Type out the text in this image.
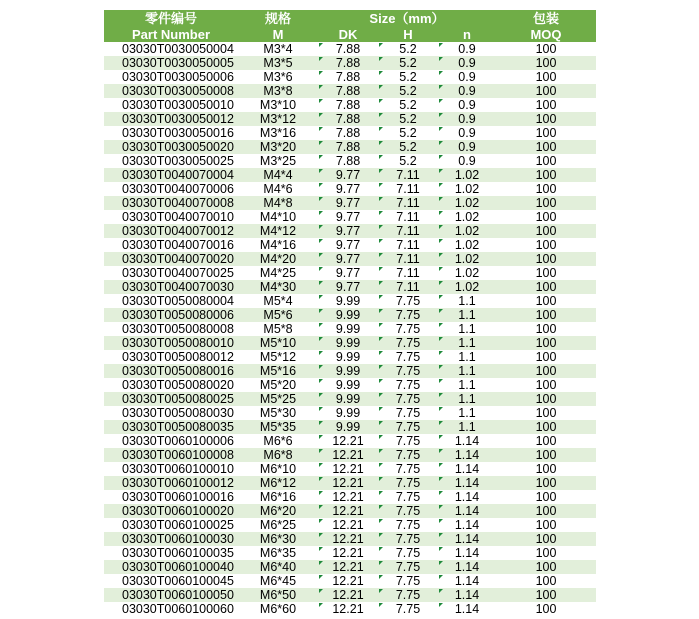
零件编号	规格	Size（mm）			包装
Part Number	M	DK	H	n	MOQ
03030T0030050004	M3*4	7.88	5.2	0.9	100
03030T0030050005	M3*5	7.88	5.2	0.9	100
03030T0030050006	M3*6	7.88	5.2	0.9	100
03030T0030050008	M3*8	7.88	5.2	0.9	100
03030T0030050010	M3*10	7.88	5.2	0.9	100
03030T0030050012	M3*12	7.88	5.2	0.9	100
03030T0030050016	M3*16	7.88	5.2	0.9	100
03030T0030050020	M3*20	7.88	5.2	0.9	100
03030T0030050025	M3*25	7.88	5.2	0.9	100
03030T0040070004	M4*4	9.77	7.11	1.02	100
03030T0040070006	M4*6	9.77	7.11	1.02	100
03030T0040070008	M4*8	9.77	7.11	1.02	100
03030T0040070010	M4*10	9.77	7.11	1.02	100
03030T0040070012	M4*12	9.77	7.11	1.02	100
03030T0040070016	M4*16	9.77	7.11	1.02	100
03030T0040070020	M4*20	9.77	7.11	1.02	100
03030T0040070025	M4*25	9.77	7.11	1.02	100
03030T0040070030	M4*30	9.77	7.11	1.02	100
03030T0050080004	M5*4	9.99	7.75	1.1	100
03030T0050080006	M5*6	9.99	7.75	1.1	100
03030T0050080008	M5*8	9.99	7.75	1.1	100
03030T0050080010	M5*10	9.99	7.75	1.1	100
03030T0050080012	M5*12	9.99	7.75	1.1	100
03030T0050080016	M5*16	9.99	7.75	1.1	100
03030T0050080020	M5*20	9.99	7.75	1.1	100
03030T0050080025	M5*25	9.99	7.75	1.1	100
03030T0050080030	M5*30	9.99	7.75	1.1	100
03030T0050080035	M5*35	9.99	7.75	1.1	100
03030T0060100006	M6*6	12.21	7.75	1.14	100
03030T0060100008	M6*8	12.21	7.75	1.14	100
03030T0060100010	M6*10	12.21	7.75	1.14	100
03030T0060100012	M6*12	12.21	7.75	1.14	100
03030T0060100016	M6*16	12.21	7.75	1.14	100
03030T0060100020	M6*20	12.21	7.75	1.14	100
03030T0060100025	M6*25	12.21	7.75	1.14	100
03030T0060100030	M6*30	12.21	7.75	1.14	100
03030T0060100035	M6*35	12.21	7.75	1.14	100
03030T0060100040	M6*40	12.21	7.75	1.14	100
03030T0060100045	M6*45	12.21	7.75	1.14	100
03030T0060100050	M6*50	12.21	7.75	1.14	100
03030T0060100060	M6*60	12.21	7.75	1.14	100
